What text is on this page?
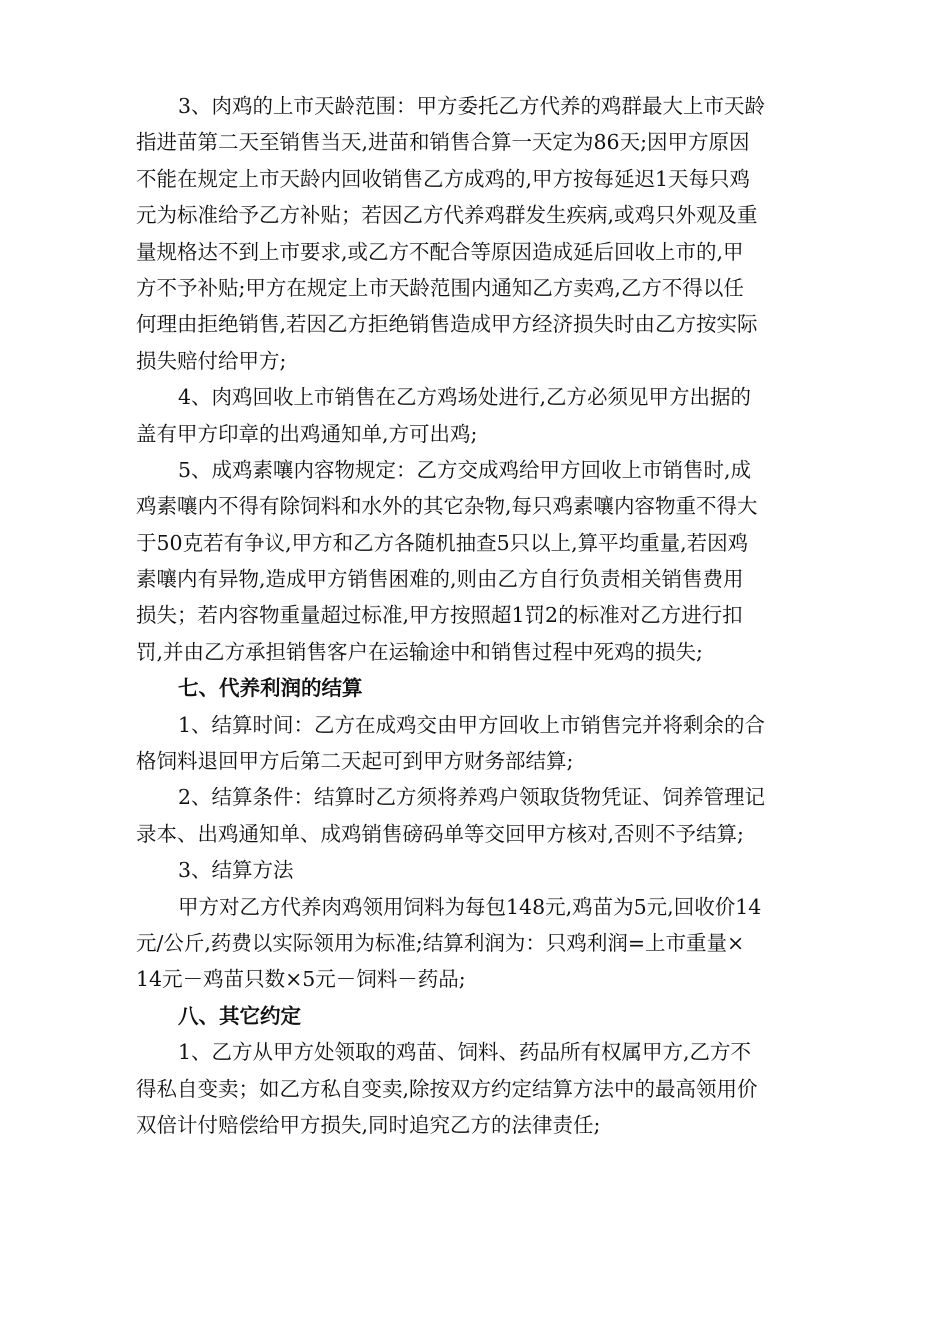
3、肉鸡的上市天龄范围：甲方委托乙方代养的鸡群最大上市天龄
指进苗第二天至销售当天,进苗和销售合算一天定为86天;因甲方原因
不能在规定上市天龄内回收销售乙方成鸡的,甲方按每延迟1天每只鸡
元为标准给予乙方补贴；若因乙方代养鸡群发生疾病,或鸡只外观及重
量规格达不到上市要求,或乙方不配合等原因造成延后回收上市的,甲
方不予补贴;甲方在规定上市天龄范围内通知乙方卖鸡,乙方不得以任
何理由拒绝销售,若因乙方拒绝销售造成甲方经济损失时由乙方按实际
损失赔付给甲方;
4、肉鸡回收上市销售在乙方鸡场处进行,乙方必须见甲方出据的
盖有甲方印章的出鸡通知单,方可出鸡;
5、成鸡素嚷内容物规定：乙方交成鸡给甲方回收上市销售时,成
鸡素嚷内不得有除饲料和水外的其它杂物,每只鸡素嚷内容物重不得大
于50克若有争议,甲方和乙方各随机抽查5只以上,算平均重量,若因鸡
素嚷内有异物,造成甲方销售困难的,则由乙方自行负责相关销售费用
损失；若内容物重量超过标准,甲方按照超1罚2的标准对乙方进行扣
罚,并由乙方承担销售客户在运输途中和销售过程中死鸡的损失;
七、代养利润的结算
1、结算时间：乙方在成鸡交由甲方回收上市销售完并将剩余的合
格饲料退回甲方后第二天起可到甲方财务部结算;
2、结算条件：结算时乙方须将养鸡户领取货物凭证、饲养管理记
录本、出鸡通知单、成鸡销售磅码单等交回甲方核对,否则不予结算;
3、结算方法
甲方对乙方代养肉鸡领用饲料为每包148元,鸡苗为5元,回收价14
元/公斤,药费以实际领用为标准;结算利润为：只鸡利润=上市重量×
14元－鸡苗只数×5元－饲料－药品;
八、其它约定
1、乙方从甲方处领取的鸡苗、饲料、药品所有权属甲方,乙方不
得私自变卖；如乙方私自变卖,除按双方约定结算方法中的最高领用价
双倍计付赔偿给甲方损失,同时追究乙方的法律责任;
